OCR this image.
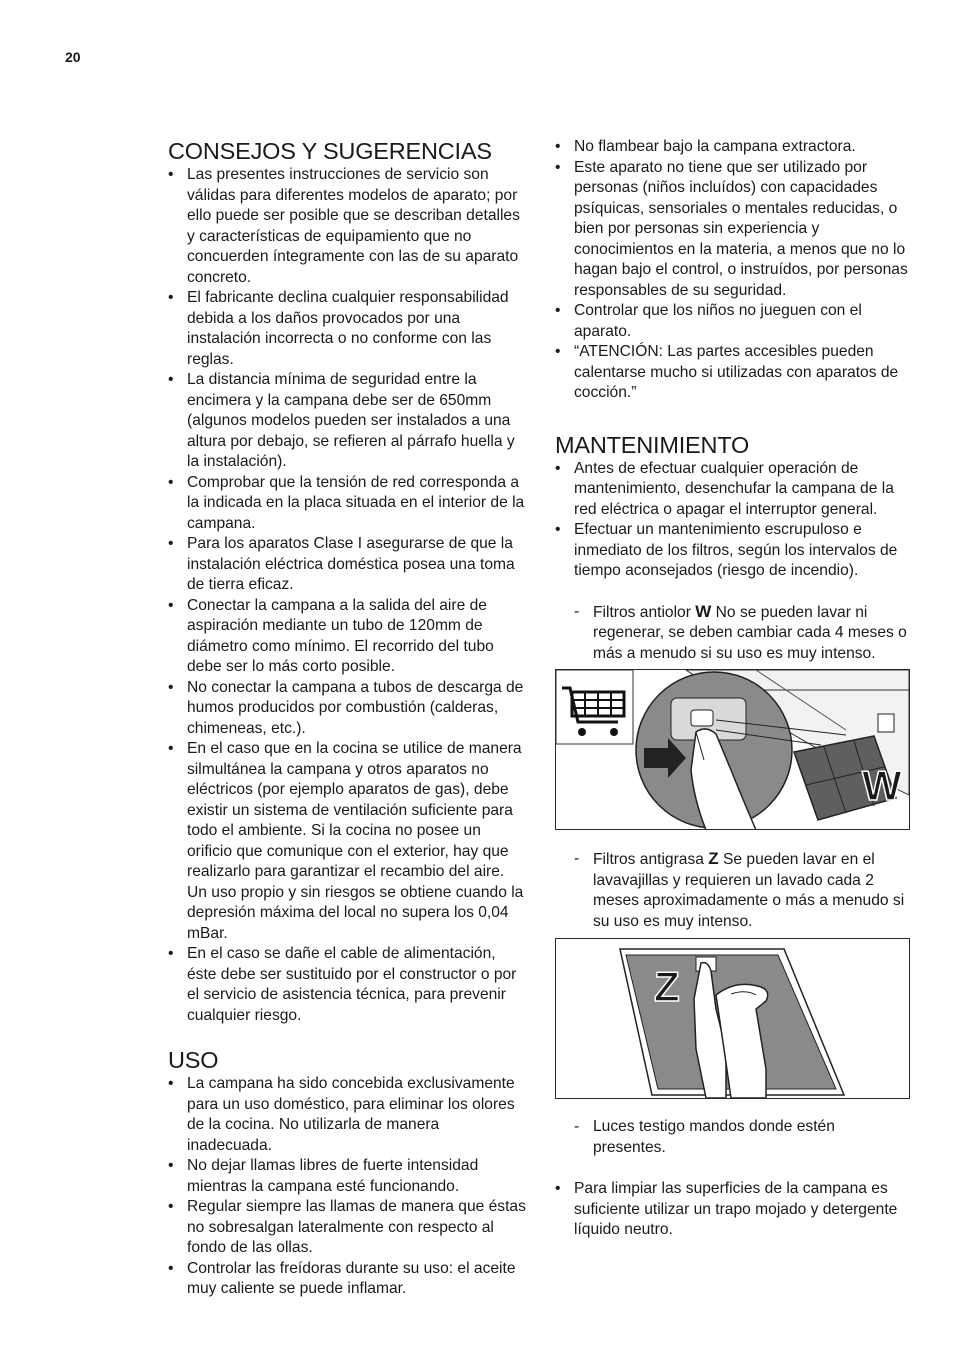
20
CONSEJOS Y SUGERENCIAS
• Las presentes instrucciones de servicio son válidas para diferentes modelos de aparato; por ello puede ser posible que se describan detalles y características de equipamiento que no concuerden íntegramente con las de su aparato concreto.
• El fabricante declina cualquier responsabilidad debida a los daños provocados por una instalación incorrecta o no conforme con las reglas.
• La distancia mínima de seguridad entre la encimera y la campana debe ser de 650mm (algunos modelos pueden ser instalados a una altura por debajo, se refieren al párrafo huella y la instalación).
• Comprobar que la tensión de red corresponda a la indicada en la placa situada en el interior de la campana.
• Para los aparatos Clase I asegurarse de que la instalación eléctrica doméstica posea una toma de tierra eficaz.
• Conectar la campana a la salida del aire de aspiración mediante un tubo de 120mm de diámetro como mínimo. El recorrido del tubo debe ser lo más corto posible.
• No conectar la campana a tubos de descarga de humos producidos por combustión (calderas, chimeneas, etc.).
• En el caso que en la cocina se utilice de manera silmultánea la campana y otros aparatos no eléctricos (por ejemplo aparatos de gas), debe existir un sistema de ventilación suficiente para todo el ambiente. Si la cocina no posee un orificio que comunique con el exterior, hay que realizarlo para garantizar el recambio del aire. Un uso propio y sin riesgos se obtiene cuando la depresión máxima del local no supera los 0,04 mBar.
• En el caso se dañe el cable de alimentación, éste debe ser sustituido por el constructor o por el servicio de asistencia técnica, para prevenir cualquier riesgo.
USO
• La campana ha sido concebida exclusivamente para un uso doméstico, para eliminar los olores de la cocina. No utilizarla de manera inadecuada.
• No dejar llamas libres de fuerte intensidad mientras la campana esté funcionando.
• Regular siempre las llamas de manera que éstas no sobresalgan lateralmente con respecto al fondo de las ollas.
• Controlar las freídoras durante su uso: el aceite muy caliente se puede inflamar.
• No flambear bajo la campana extractora.
• Este aparato no tiene que ser utilizado por personas (niños incluídos) con capacidades psíquicas, sensoriales o mentales reducidas, o bien por personas sin experiencia y conocimientos en la materia, a menos que no lo hagan bajo el control, o instruídos, por personas responsables de su seguridad.
• Controlar que los niños no jueguen con el aparato.
• “ATENCIÓN: Las partes accesibles pueden calentarse mucho si utilizadas con aparatos de cocción.”
MANTENIMIENTO
• Antes de efectuar cualquier operación de mantenimiento, desenchufar la campana de la red eléctrica o apagar el interruptor general.
• Efectuar un mantenimiento escrupuloso e inmediato de los filtros, según los intervalos de tiempo aconsejados (riesgo de incendio).
- Filtros antiolor W No se pueden lavar ni regenerar, se deben cambiar cada 4 meses o más a menudo si su uso es muy intenso.
W
- Filtros antigrasa Z Se pueden lavar en el lavavajillas y requieren un lavado cada 2 meses aproximadamente o más a menudo si su uso es muy intenso.
Z
- Luces testigo mandos donde estén presentes.
• Para limpiar las superficies de la campana es suficiente utilizar un trapo mojado y detergente líquido neutro.
